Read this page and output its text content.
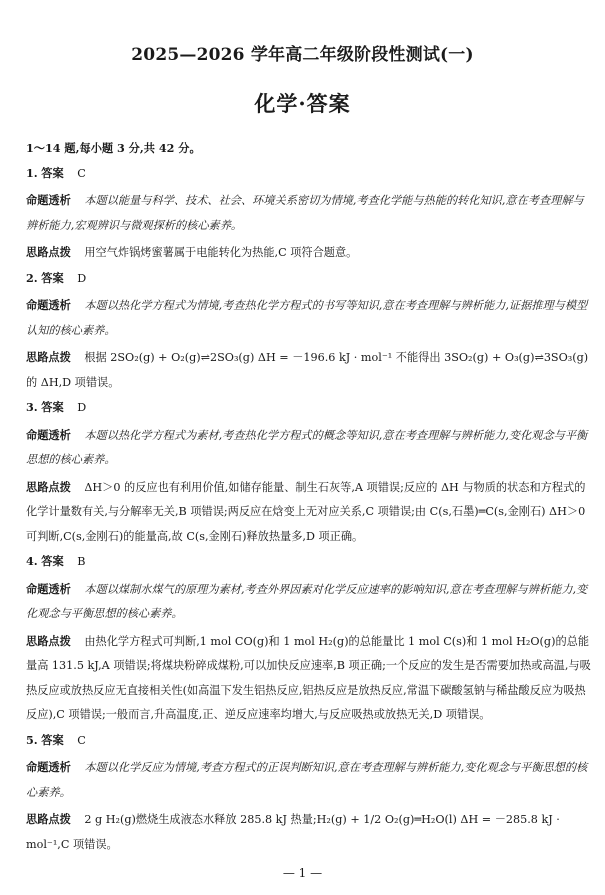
2025—2026 学年高二年级阶段性测试(一)
化学·答案

1～14 题,每小题 3 分,共 42 分。

1. 答案 C

命题透析 本题以能量与科学、技术、社会、环境关系密切为情境,考查化学能与热能的转化知识,意在考查理解与辨析能力,宏观辨识与微观探析的核心素养。

思路点拨 用空气炸锅烤蜜薯属于电能转化为热能,C 项符合题意。

2. 答案 D

命题透析 本题以热化学方程式为情境,考查热化学方程式的书写等知识,意在考查理解与辨析能力,证据推理与模型认知的核心素养。

思路点拨 根据 2SO₂(g) + O₂(g)⇌2SO₃(g) ΔH = －196.6 kJ · mol⁻¹ 不能得出 3SO₂(g) + O₃(g)⇌3SO₃(g)的 ΔH,D 项错误。

3. 答案 D

命题透析 本题以热化学方程式为素材,考查热化学方程式的概念等知识,意在考查理解与辨析能力,变化观念与平衡思想的核心素养。

思路点拨 ΔH＞0 的反应也有利用价值,如储存能量、制生石灰等,A 项错误;反应的 ΔH 与物质的状态和方程式的化学计量数有关,与分解率无关,B 项错误;两反应在焓变上无对应关系,C 项错误;由 C(s,石墨)═C(s,金刚石) ΔH＞0 可判断,C(s,金刚石)的能量高,故 C(s,金刚石)释放热量多,D 项正确。

4. 答案 B

命题透析 本题以煤制水煤气的原理为素材,考查外界因素对化学反应速率的影响知识,意在考查理解与辨析能力,变化观念与平衡思想的核心素养。

思路点拨 由热化学方程式可判断,1 mol CO(g)和 1 mol H₂(g)的总能量比 1 mol C(s)和 1 mol H₂O(g)的总能量高 131.5 kJ,A 项错误;将煤块粉碎成煤粉,可以加快反应速率,B 项正确;一个反应的发生是否需要加热或高温,与吸热反应或放热反应无直接相关性(如高温下发生铝热反应,铝热反应是放热反应,常温下碳酸氢钠与稀盐酸反应为吸热反应),C 项错误;一般而言,升高温度,正、逆反应速率均增大,与反应吸热或放热无关,D 项错误。

5. 答案 C

命题透析 本题以化学反应为情境,考查方程式的正误判断知识,意在考查理解与辨析能力,变化观念与平衡思想的核心素养。

思路点拨 2 g H₂(g)燃烧生成液态水释放 285.8 kJ 热量;H₂(g) + 1/2 O₂(g)═H₂O(l) ΔH = －285.8 kJ · mol⁻¹,C 项错误。

— 1 —
